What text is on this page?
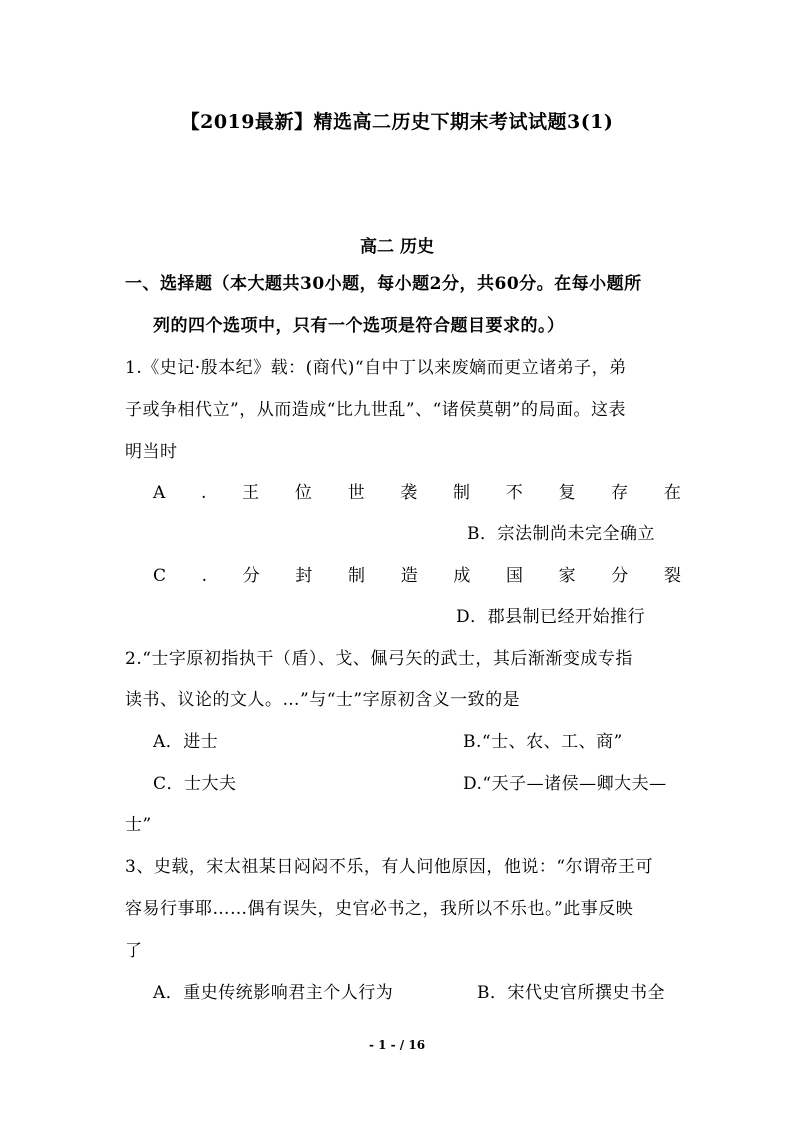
【2019最新】精选高二历史下期末考试试题3(1)
高二 历史
一、选择题（本大题共30小题，每小题2分，共60分。在每小题所
列的四个选项中，只有一个选项是符合题目要求的。）
1.《史记·殷本纪》载：(商代)“自中丁以来废嫡而更立诸弟子，弟
子或争相代立”，从而造成“比九世乱”、“诸侯莫朝”的局面。这表
明当时
A . 王 位 世 袭 制 不 复 存 在
B．宗法制尚未完全确立
C . 分 封 制 造 成 国 家 分 裂
D．郡县制已经开始推行
2.“士字原初指执干（盾）、戈、佩弓矢的武士，其后渐渐变成专指
读书、议论的文人。…”与“士”字原初含义一致的是
A．进士	B.“士、农、工、商”
C．士大夫	D.“天子—诸侯—卿大夫—
士”
3、史载，宋太祖某日闷闷不乐，有人问他原因，他说：“尔谓帝王可
容易行事耶……偶有误失，史官必书之，我所以不乐也。”此事反映
了
A．重史传统影响君主个人行为	B．宋代史官所撰史书全
- 1 - / 16
